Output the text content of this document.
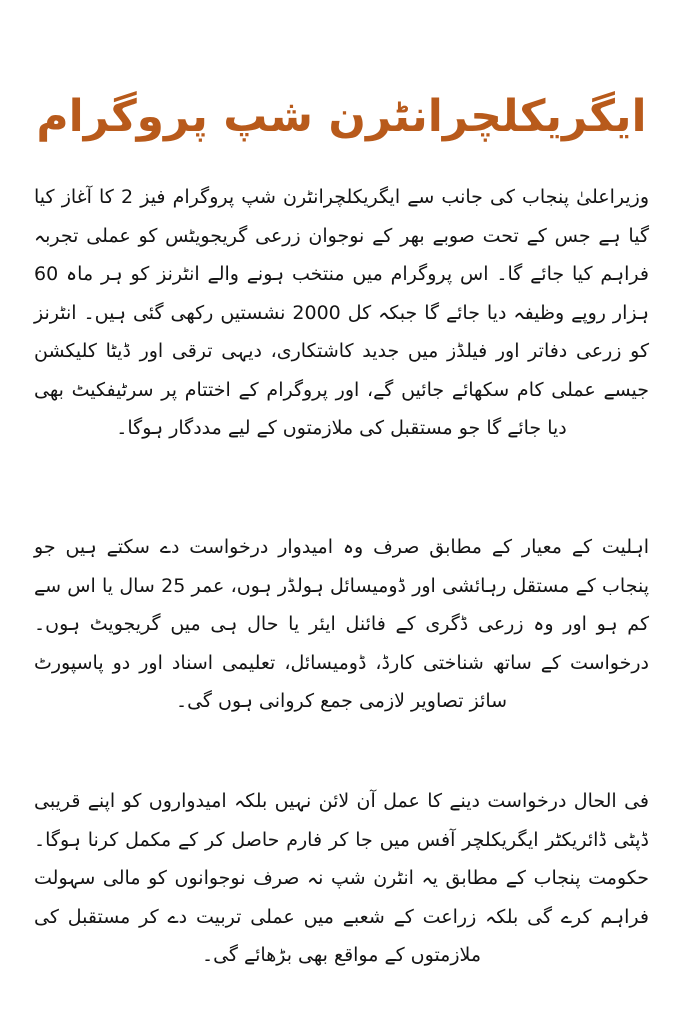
ایگریکلچرانٹرن شپ پروگرام

وزیراعلیٰ پنجاب کی جانب سے ایگریکلچرانٹرن شپ پروگرام فیز 2 کا آغاز کیا گیا ہے جس کے تحت صوبے بھر کے نوجوان زرعی گریجویٹس کو عملی تجربہ فراہم کیا جائے گا۔ اس پروگرام میں منتخب ہونے والے انٹرنز کو ہر ماہ 60 ہزار روپے وظیفہ دیا جائے گا جبکہ کل 2000 نشستیں رکھی گئی ہیں۔ انٹرنز کو زرعی دفاتر اور فیلڈز میں جدید کاشتکاری، دیہی ترقی اور ڈیٹا کلیکشن جیسے عملی کام سکھائے جائیں گے، اور پروگرام کے اختتام پر سرٹیفکیٹ بھی دیا جائے گا جو مستقبل کی ملازمتوں کے لیے مددگار ہوگا۔

اہلیت کے معیار کے مطابق صرف وہ امیدوار درخواست دے سکتے ہیں جو پنجاب کے مستقل رہائشی اور ڈومیسائل ہولڈر ہوں، عمر 25 سال یا اس سے کم ہو اور وہ زرعی ڈگری کے فائنل ایئر یا حال ہی میں گریجویٹ ہوں۔ درخواست کے ساتھ شناختی کارڈ، ڈومیسائل، تعلیمی اسناد اور دو پاسپورٹ سائز تصاویر لازمی جمع کروانی ہوں گی۔

فی الحال درخواست دینے کا عمل آن لائن نہیں بلکہ امیدواروں کو اپنے قریبی ڈپٹی ڈائریکٹر ایگریکلچر آفس میں جا کر فارم حاصل کر کے مکمل کرنا ہوگا۔ حکومت پنجاب کے مطابق یہ انٹرن شپ نہ صرف نوجوانوں کو مالی سہولت فراہم کرے گی بلکہ زراعت کے شعبے میں عملی تربیت دے کر مستقبل کی ملازمتوں کے مواقع بھی بڑھائے گی۔
